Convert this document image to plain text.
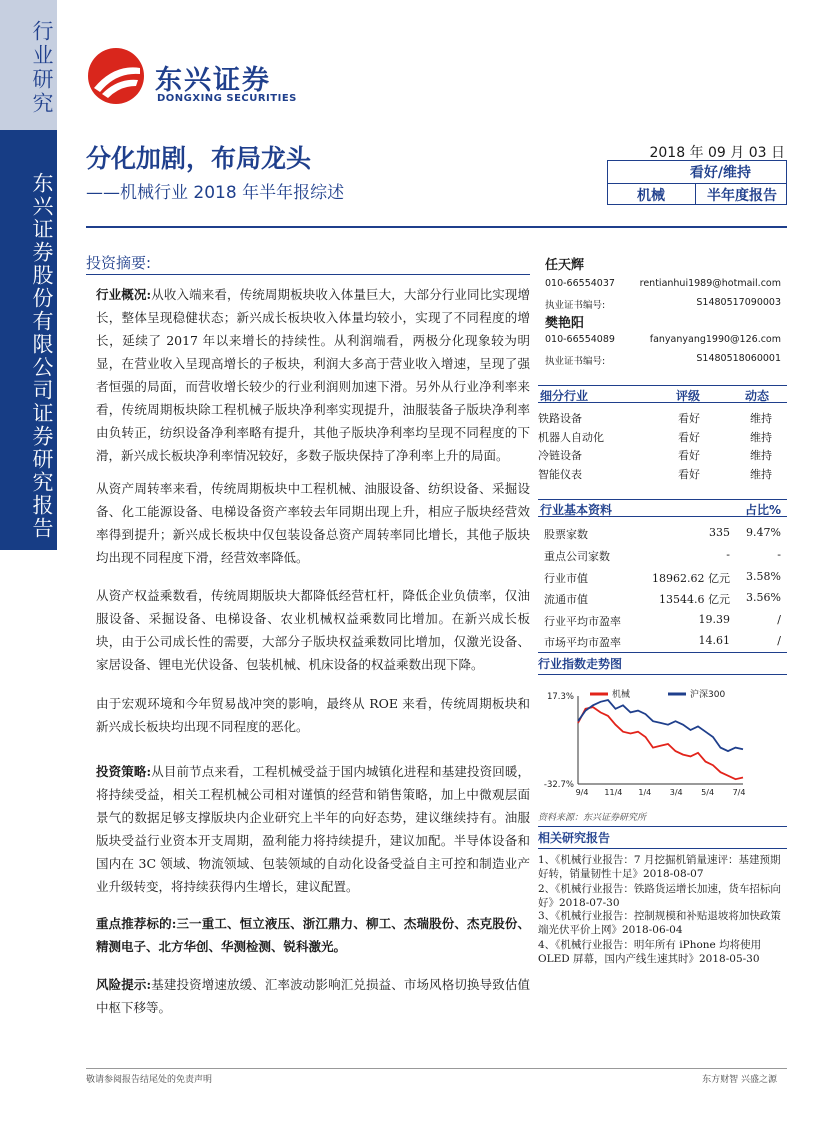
行业研究
东兴证券股份有限公司证券研究报告
东兴证券
DONGXING SECURITIES
分化加剧，布局龙头
——机械行业 2018 年半年报综述
2018 年 09 月 03 日
看好/维持
机械	半年度报告
投资摘要:
行业概况:从收入端来看，传统周期板块收入体量巨大，大部分行业同比实现增长，整体呈现稳健状态；新兴成长板块收入体量均较小，实现了不同程度的增长，延续了 2017 年以来增长的持续性。从利润端看，两极分化现象较为明显，在营业收入呈现高增长的子板块，利润大多高于营业收入增速，呈现了强者恒强的局面，而营收增长较少的行业利润则加速下滑。另外从行业净利率来看，传统周期板块除工程机械子版块净利率实现提升，油服装备子版块净利率由负转正，纺织设备净利率略有提升，其他子版块净利率均呈现不同程度的下滑，新兴成长板块净利率情况较好，多数子版块保持了净利率上升的局面。
从资产周转率来看，传统周期板块中工程机械、油服设备、纺织设备、采掘设备、化工能源设备、电梯设备资产率较去年同期出现上升，相应子版块经营效率得到提升；新兴成长板块中仅包装设备总资产周转率同比增长，其他子版块均出现不同程度下滑，经营效率降低。
从资产权益乘数看，传统周期版块大都降低经营杠杆，降低企业负债率，仅油服设备、采掘设备、电梯设备、农业机械权益乘数同比增加。在新兴成长板块，由于公司成长性的需要，大部分子版块权益乘数同比增加，仅激光设备、家居设备、锂电光伏设备、包装机械、机床设备的权益乘数出现下降。
由于宏观环境和今年贸易战冲突的影响，最终从 ROE 来看，传统周期板块和新兴成长板块均出现不同程度的恶化。
投资策略:从目前节点来看，工程机械受益于国内城镇化进程和基建投资回暖，将持续受益，相关工程机械公司相对谨慎的经营和销售策略，加上中微观层面景气的数据足够支撑版块内企业研究上半年的向好态势，建议继续持有。油服版块受益行业资本开支周期，盈利能力将持续提升，建议加配。半导体设备和国内在 3C 领域、物流领域、包装领域的自动化设备受益自主可控和制造业产业升级转变，将持续获得内生增长，建议配置。
重点推荐标的:三一重工、恒立液压、浙江鼎力、柳工、杰瑞股份、杰克股份、精测电子、北方华创、华测检测、锐科激光。
风险提示:基建投资增速放缓、汇率波动影响汇兑损益、市场风格切换导致估值中枢下移等。
任天辉
010-66554037	rentianhui1989@hotmail.com
执业证书编号:	S1480517090003
樊艳阳
010-66554089	fanyanyang1990@126.com
执业证书编号:	S1480518060001
细分行业	评级	动态
铁路设备	看好	维持
机器人自动化	看好	维持
冷链设备	看好	维持
智能仪表	看好	维持
行业基本资料	占比%
股票家数	335 9.47%
重点公司家数	-	-
行业市值	18962.62 亿元 3.58%
流通市值	13544.6 亿元 3.56%
行业平均市盈率	19.39	/
市场平均市盈率	14.61	/
行业指数走势图
17.3%
-32.7%
9/4 11/4 1/4 3/4 5/4 7/4
机械	沪深300
资料来源：东兴证券研究所
相关研究报告
1、《机械行业报告：7 月挖掘机销量速评：基建预期好转，销量韧性十足》2018-08-07
2、《机械行业报告：铁路货运增长加速，货车招标向好》2018-07-30
3、《机械行业报告：控制规模和补贴退坡将加快政策端光伏平价上网》2018-06-04
4、《机械行业报告：明年所有 iPhone 均将使用 OLED 屏幕，国内产线生速其时》2018-05-30
敬请参阅报告结尾处的免责声明	东方财智 兴盛之源
